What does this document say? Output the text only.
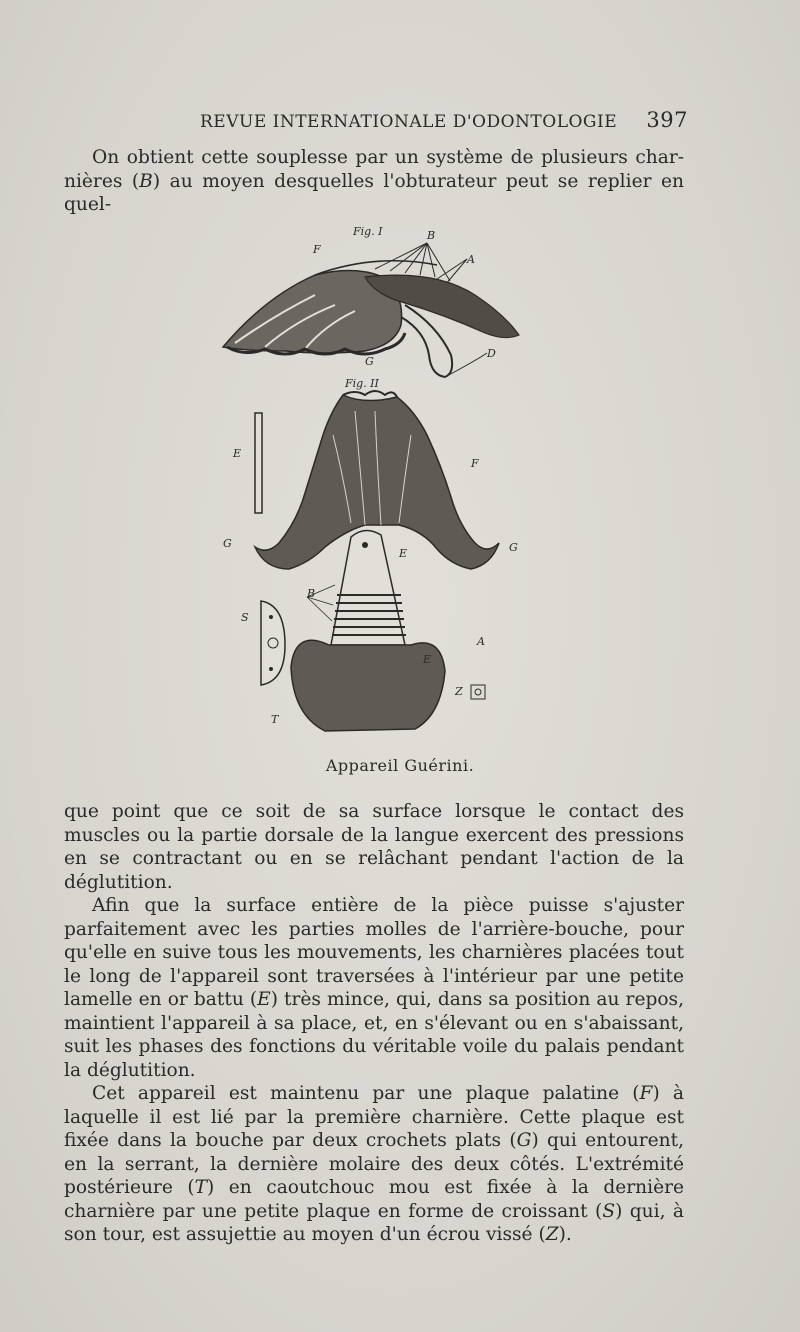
REVUE INTERNATIONALE D'ODONTOLOGIE 397

On obtient cette souplesse par un système de plusieurs char-nières (B) au moyen desquelles l'obturateur peut se replier en quel-

Fig. I
F
B
A
D
G
Fig. II
E
F
G	G
E
B
S
A
E
Z
T
Appareil Guérini.

que point que ce soit de sa surface lorsque le contact des muscles ou la partie dorsale de la langue exercent des pressions en se contractant ou en se relâchant pendant l'action de la déglutition.

Afin que la surface entière de la pièce puisse s'ajuster parfaitement avec les parties molles de l'arrière-bouche, pour qu'elle en suive tous les mouvements, les charnières placées tout le long de l'appareil sont traversées à l'intérieur par une petite lamelle en or battu (E) très mince, qui, dans sa position au repos, maintient l'appareil à sa place, et, en s'élevant ou en s'abaissant, suit les phases des fonctions du véritable voile du palais pendant la déglutition.

Cet appareil est maintenu par une plaque palatine (F) à laquelle il est lié par la première charnière. Cette plaque est fixée dans la bouche par deux crochets plats (G) qui entourent, en la serrant, la dernière molaire des deux côtés. L'extrémité postérieure (T) en caoutchouc mou est fixée à la dernière charnière par une petite plaque en forme de croissant (S) qui, à son tour, est assujettie au moyen d'un écrou vissé (Z).
